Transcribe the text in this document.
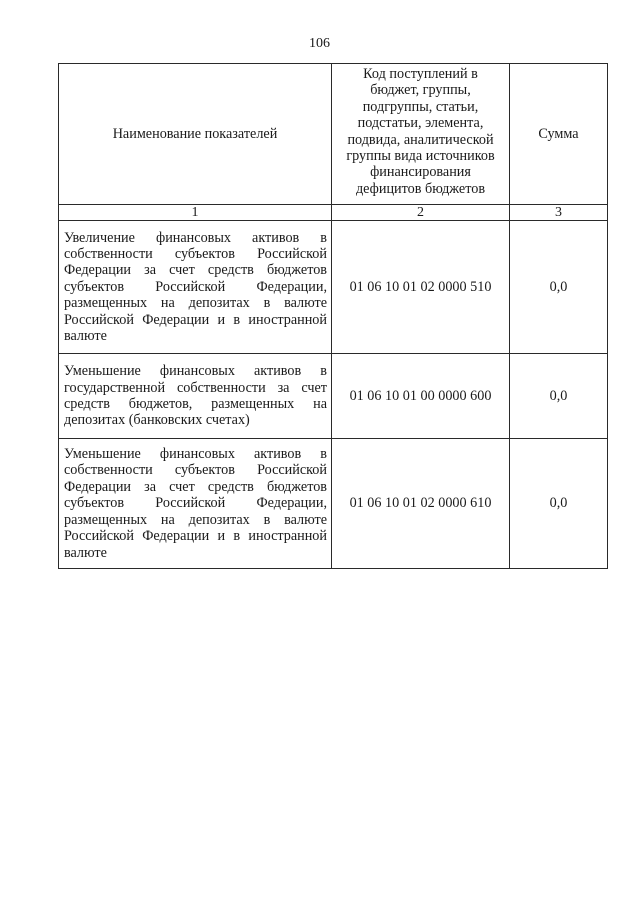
106
Наименование показателей	Код поступлений в бюджет, группы, подгруппы, статьи, подстатьи, элемента, подвида, аналитической группы вида источников финансирования дефицитов бюджетов	Сумма
1	2	3
Увеличение финансовых активов в собственности субъектов Российской Федерации за счет средств бюджетов субъектов Российской Федерации, размещенных на депозитах в валюте Российской Федерации и в иностранной валюте	01 06 10 01 02 0000 510	0,0
Уменьшение финансовых активов в государственной собственности за счет средств бюджетов, размещенных на депозитах (банковских счетах)	01 06 10 01 00 0000 600	0,0
Уменьшение финансовых активов в собственности субъектов Российской Федерации за счет средств бюджетов субъектов Российской Федерации, размещенных на депозитах в валюте Российской Федерации и в иностранной валюте	01 06 10 01 02 0000 610	0,0
